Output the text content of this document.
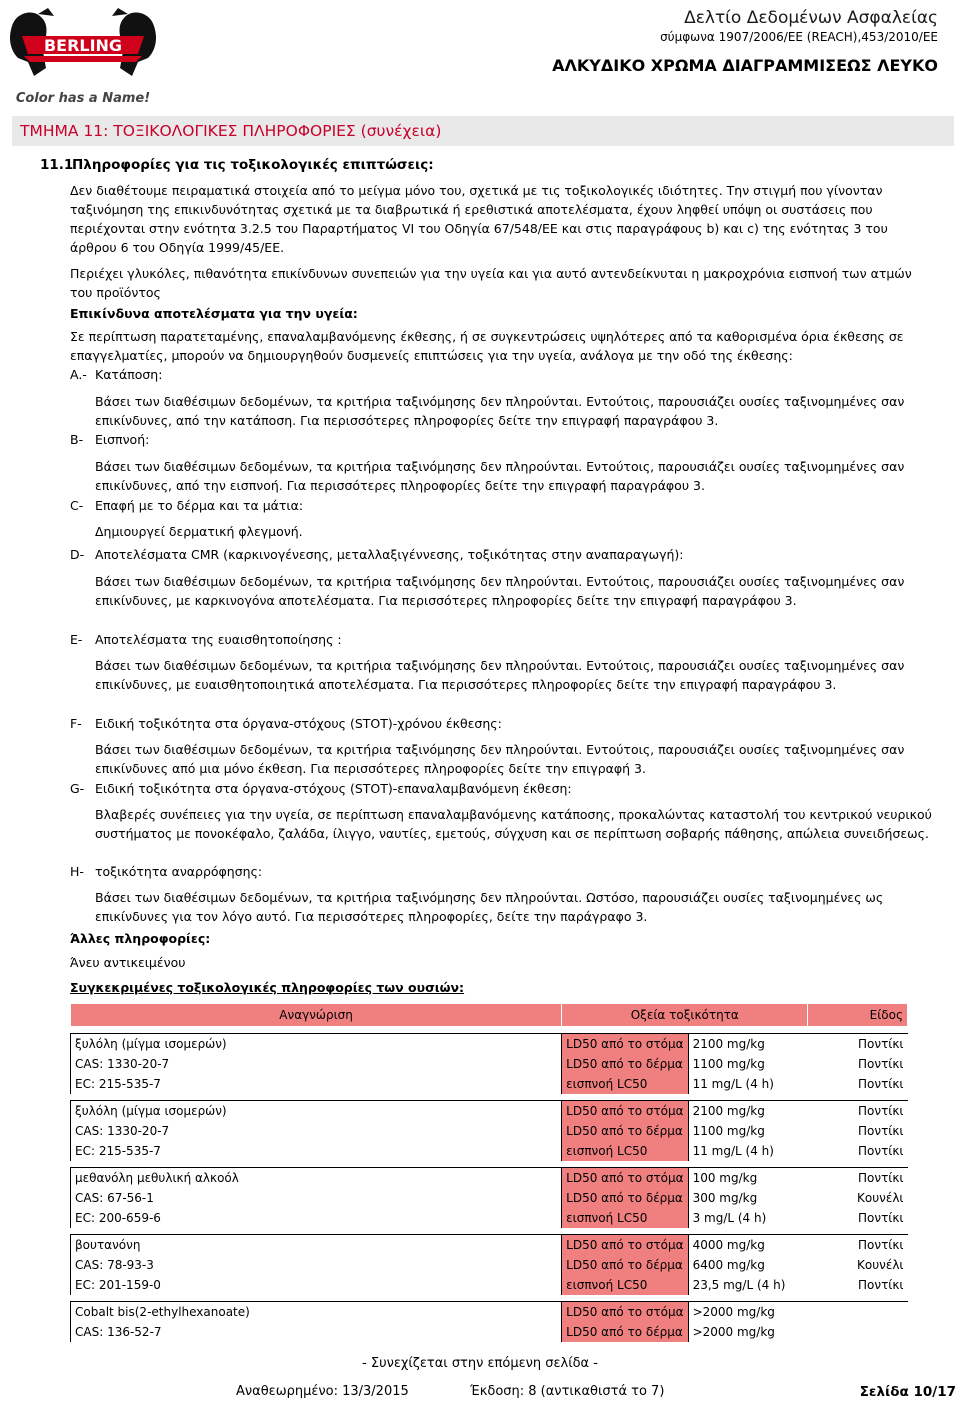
BERLING
Color has a Name!
Δελτίο Δεδομένων Ασφαλείας
σύμφωνα 1907/2006/ΕΕ (REACH),453/2010/ΕΕ
ΑΛΚΥΔΙΚΟ ΧΡΩΜΑ ΔΙΑΓΡΑΜΜΙΣΕΩΣ ΛΕΥΚΟ
ΤΜΗΜΑ 11: ΤΟΞΙΚΟΛΟΓΙΚΕΣ ΠΛΗΡΟΦΟΡΙΕΣ (συνέχεια)
11.1Πληροφορίες για τις τοξικολογικές επιπτώσεις:

Δεν διαθέτουμε πειραματικά στοιχεία από το μείγμα μόνο του, σχετικά με τις τοξικολογικές ιδιότητες. Την στιγμή που γίνονταν ταξινόμηση της επικινδυνότητας σχετικά με τα διαβρωτικά ή ερεθιστικά αποτελέσματα, έχουν ληφθεί υπόψη οι συστάσεις που περιέχονται στην ενότητα 3.2.5 του Παραρτήματος VI του Οδηγία 67/548/ΕΕ και στις παραγράφους b) και c) της ενότητας 3 του άρθρου 6 του Οδηγία 1999/45/ΕΕ.

Περιέχει γλυκόλες, πιθανότητα επικίνδυνων συνεπειών για την υγεία και για αυτό αντενδείκνυται η μακροχρόνια εισπνοή των ατμών του προϊόντος

Επικίνδυνα αποτελέσματα για την υγεία:

Σε περίπτωση παρατεταμένης, επαναλαμβανόμενης έκθεσης, ή σε συγκεντρώσεις υψηλότερες από τα καθορισμένα όρια έκθεσης σε επαγγελματίες, μπορούν να δημιουργηθούν δυσμενείς επιπτώσεις για την υγεία, ανάλογα με την οδό της έκθεσης:

A.- Κατάποση:

Βάσει των διαθέσιμων δεδομένων, τα κριτήρια ταξινόμησης δεν πληρούνται. Εντούτοις, παρουσιάζει ουσίες ταξινομημένες σαν επικίνδυνες, από την κατάποση. Για περισσότερες πληροφορίες δείτε την επιγραφή παραγράφου 3.

B- Εισπνοή:

Βάσει των διαθέσιμων δεδομένων, τα κριτήρια ταξινόμησης δεν πληρούνται. Εντούτοις, παρουσιάζει ουσίες ταξινομημένες σαν επικίνδυνες, από την εισπνοή. Για περισσότερες πληροφορίες δείτε την επιγραφή παραγράφου 3.

C- Επαφή με το δέρμα και τα μάτια:

Δημιουργεί δερματική φλεγμονή.

D- Αποτελέσματα CMR (καρκινογένεσης, μεταλλαξιγέννεσης, τοξικότητας στην αναπαραγωγή):

Βάσει των διαθέσιμων δεδομένων, τα κριτήρια ταξινόμησης δεν πληρούνται. Εντούτοις, παρουσιάζει ουσίες ταξινομημένες σαν επικίνδυνες, με καρκινογόνα αποτελέσματα. Για περισσότερες πληροφορίες δείτε την επιγραφή παραγράφου 3.

E- Αποτελέσματα της ευαισθητοποίησης :

Βάσει των διαθέσιμων δεδομένων, τα κριτήρια ταξινόμησης δεν πληρούνται. Εντούτοις, παρουσιάζει ουσίες ταξινομημένες σαν επικίνδυνες, με ευαισθητοποιητικά αποτελέσματα. Για περισσότερες πληροφορίες δείτε την επιγραφή παραγράφου 3.

F- Ειδική τοξικότητα στα όργανα-στόχους (STOT)-χρόνου έκθεσης:

Βάσει των διαθέσιμων δεδομένων, τα κριτήρια ταξινόμησης δεν πληρούνται. Εντούτοις, παρουσιάζει ουσίες ταξινομημένες σαν επικίνδυνες από μια μόνο έκθεση. Για περισσότερες πληροφορίες δείτε την επιγραφή 3.

G- Ειδική τοξικότητα στα όργανα-στόχους (STOT)-επαναλαμβανόμενη έκθεση:

Βλαβερές συνέπειες για την υγεία, σε περίπτωση επαναλαμβανόμενης κατάποσης, προκαλώντας καταστολή του κεντρικού νευρικού συστήματος με πονοκέφαλο, ζαλάδα, ίλιγγο, ναυτίες, εμετούς, σύγχυση και σε περίπτωση σοβαρής πάθησης, απώλεια συνειδήσεως.

H- τοξικότητα αναρρόφησης:

Βάσει των διαθέσιμων δεδομένων, τα κριτήρια ταξινόμησης δεν πληρούνται. Ωστόσο, παρουσιάζει ουσίες ταξινομημένες ως επικίνδυνες για τον λόγο αυτό. Για περισσότερες πληροφορίες, δείτε την παράγραφο 3.

Άλλες πληροφορίες:

Άνευ αντικειμένου

Συγκεκριμένες τοξικολογικές πληροφορίες των ουσιών:

Αναγνώριση	Οξεία τοξικότητα		Είδος

ξυλόλη (μίγμα ισομερών)	LD50 από το στόμα	2100 mg/kg	Ποντίκι
CAS: 1330-20-7	LD50 από το δέρμα	1100 mg/kg	Ποντίκι
EC: 215-535-7	εισπνοή LC50	11 mg/L (4 h)	Ποντίκι

ξυλόλη (μίγμα ισομερών)	LD50 από το στόμα	2100 mg/kg	Ποντίκι
CAS: 1330-20-7	LD50 από το δέρμα	1100 mg/kg	Ποντίκι
EC: 215-535-7	εισπνοή LC50	11 mg/L (4 h)	Ποντίκι

μεθανόλη μεθυλική αλκοόλ	LD50 από το στόμα	100 mg/kg	Ποντίκι
CAS: 67-56-1	LD50 από το δέρμα	300 mg/kg	Κουνέλι
EC: 200-659-6	εισπνοή LC50	3 mg/L (4 h)	Ποντίκι

βουτανόνη	LD50 από το στόμα	4000 mg/kg	Ποντίκι
CAS: 78-93-3	LD50 από το δέρμα	6400 mg/kg	Κουνέλι
EC: 201-159-0	εισπνοή LC50	23,5 mg/L (4 h)	Ποντίκι

Cobalt bis(2-ethylhexanoate)	LD50 από το στόμα	>2000 mg/kg	
CAS: 136-52-7	LD50 από το δέρμα	>2000 mg/kg	
- Συνεχίζεται στην επόμενη σελίδα -
Αναθεωρημένο: 13/3/2015	Έκδοση: 8 (αντικαθιστά το 7)	Σελίδα 10/17
